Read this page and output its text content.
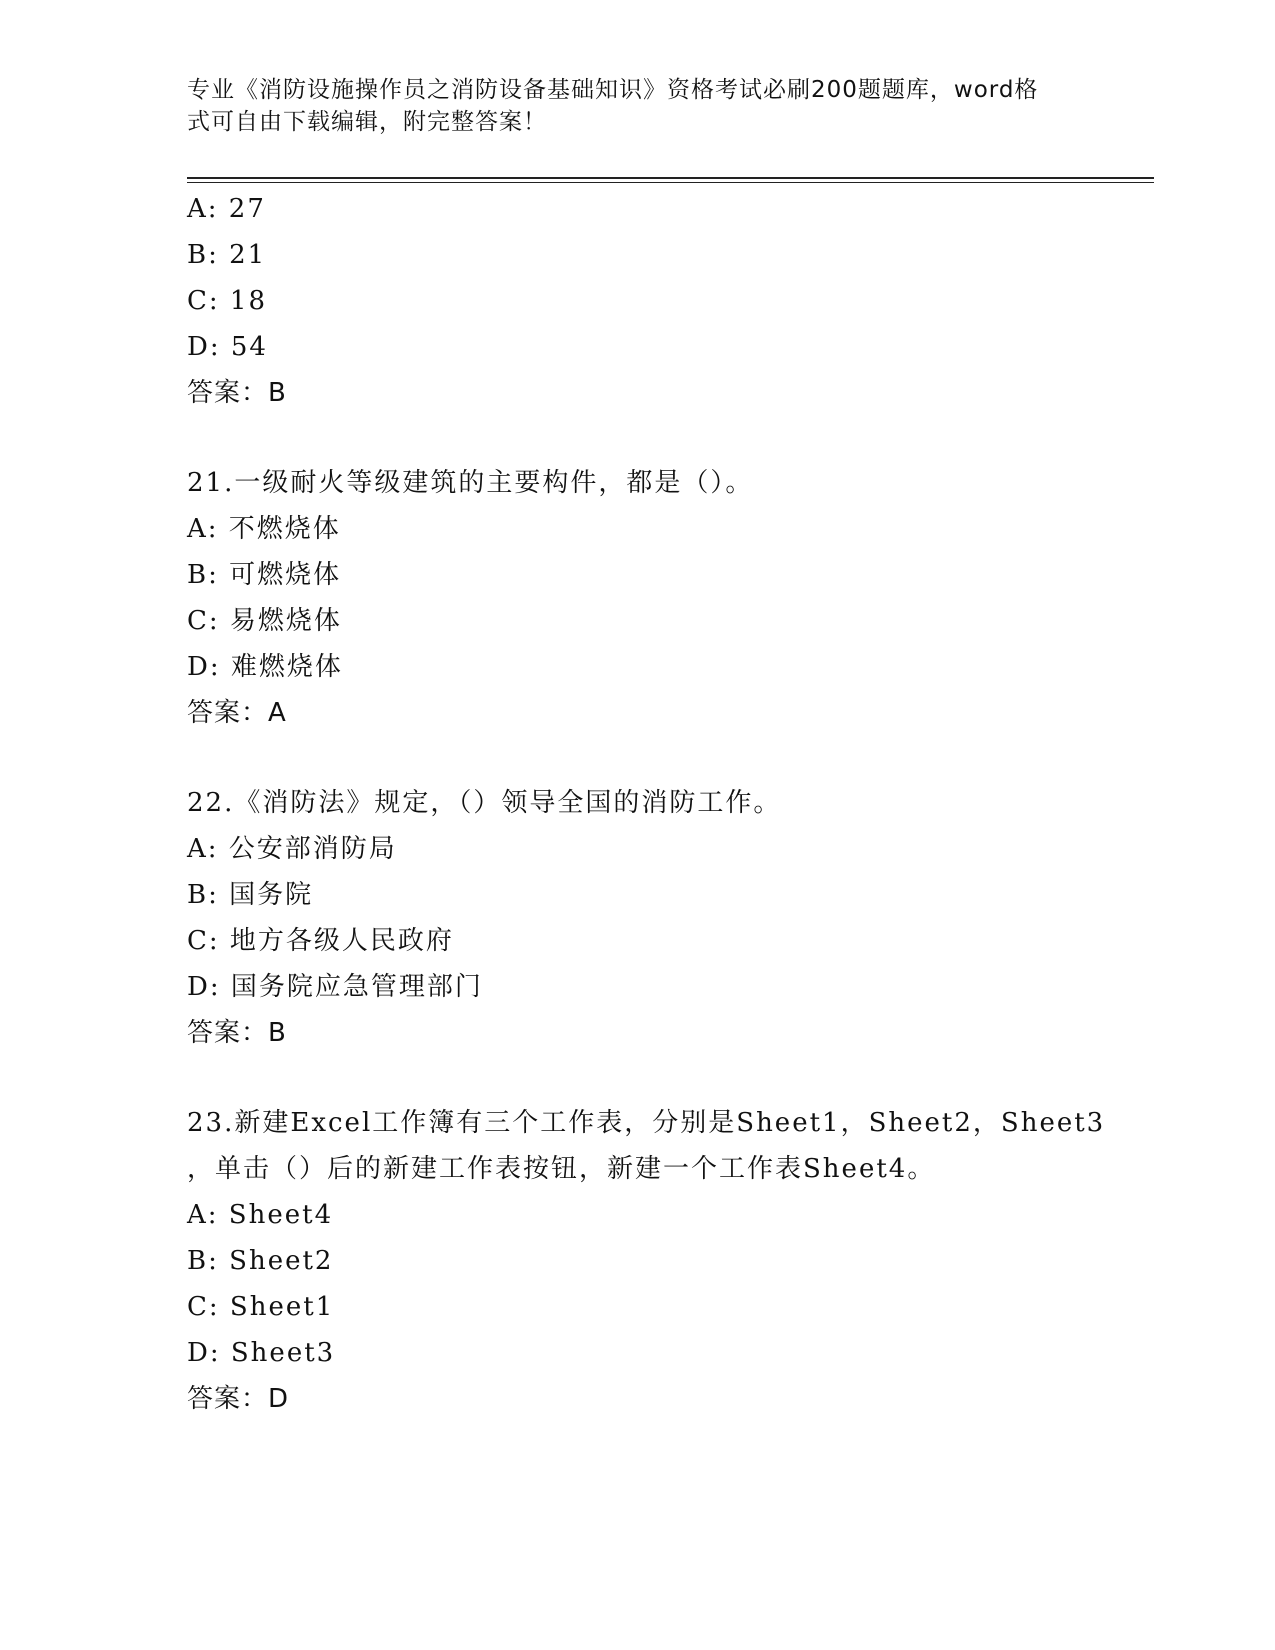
专业《消防设施操作员之消防设备基础知识》资格考试必刷200题题库，word格
式可自由下载编辑，附完整答案！
A: 27
B: 21
C: 18
D: 54
答案：B
21.一级耐火等级建筑的主要构件，都是（）。
A: 不燃烧体
B: 可燃烧体
C: 易燃烧体
D: 难燃烧体
答案：A
22.《消防法》规定，（）领导全国的消防工作。
A: 公安部消防局
B: 国务院
C: 地方各级人民政府
D: 国务院应急管理部门
答案：B
23.新建Excel工作簿有三个工作表，分别是Sheet1，Sheet2，Sheet3
，单击（）后的新建工作表按钮，新建一个工作表Sheet4。
A: Sheet4
B: Sheet2
C: Sheet1
D: Sheet3
答案：D
